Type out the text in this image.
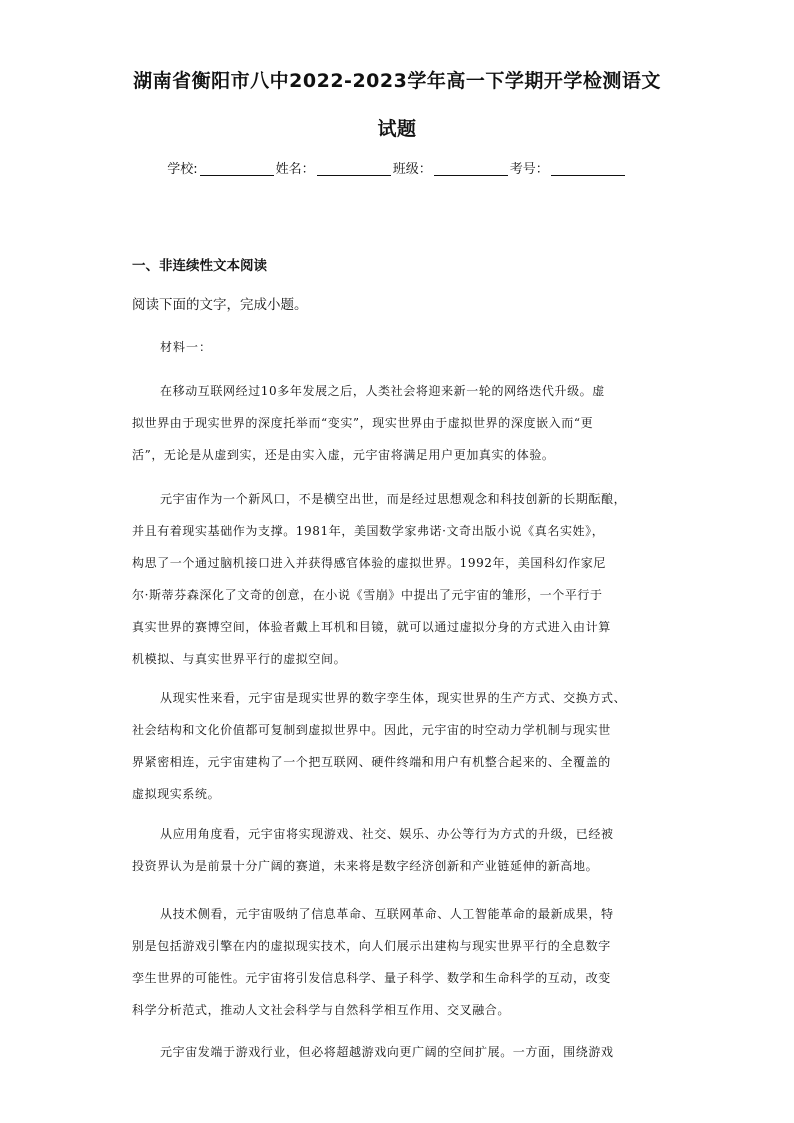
湖南省衡阳市八中2022-2023学年高一下学期开学检测语文
试题
学校:	姓名：	班级：	考号：
一、非连续性文本阅读
阅读下面的文字，完成小题。
材料一：
在移动互联网经过10多年发展之后，人类社会将迎来新一轮的网络迭代升级。虚
拟世界由于现实世界的深度托举而“变实”，现实世界由于虚拟世界的深度嵌入而“更
活”，无论是从虚到实，还是由实入虚，元宇宙将满足用户更加真实的体验。
元宇宙作为一个新风口，不是横空出世，而是经过思想观念和科技创新的长期酝酿，
并且有着现实基础作为支撑。1981年，美国数学家弗诺·文奇出版小说《真名实姓》，
构思了一个通过脑机接口进入并获得感官体验的虚拟世界。1992年，美国科幻作家尼
尔·斯蒂芬森深化了文奇的创意，在小说《雪崩》中提出了元宇宙的雏形，一个平行于
真实世界的赛博空间，体验者戴上耳机和目镜，就可以通过虚拟分身的方式进入由计算
机模拟、与真实世界平行的虚拟空间。
从现实性来看，元宇宙是现实世界的数字孪生体，现实世界的生产方式、交换方式、
社会结构和文化价值都可复制到虚拟世界中。因此，元宇宙的时空动力学机制与现实世
界紧密相连，元宇宙建构了一个把互联网、硬件终端和用户有机整合起来的、全覆盖的
虚拟现实系统。
从应用角度看，元宇宙将实现游戏、社交、娱乐、办公等行为方式的升级，已经被
投资界认为是前景十分广阔的赛道，未来将是数字经济创新和产业链延伸的新高地。
从技术侧看，元宇宙吸纳了信息革命、互联网革命、人工智能革命的最新成果，特
别是包括游戏引擎在内的虚拟现实技术，向人们展示出建构与现实世界平行的全息数字
孪生世界的可能性。元宇宙将引发信息科学、量子科学、数学和生命科学的互动，改变
科学分析范式，推动人文社会科学与自然科学相互作用、交叉融合。
元宇宙发端于游戏行业，但必将超越游戏向更广阔的空间扩展。一方面，围绕游戏
